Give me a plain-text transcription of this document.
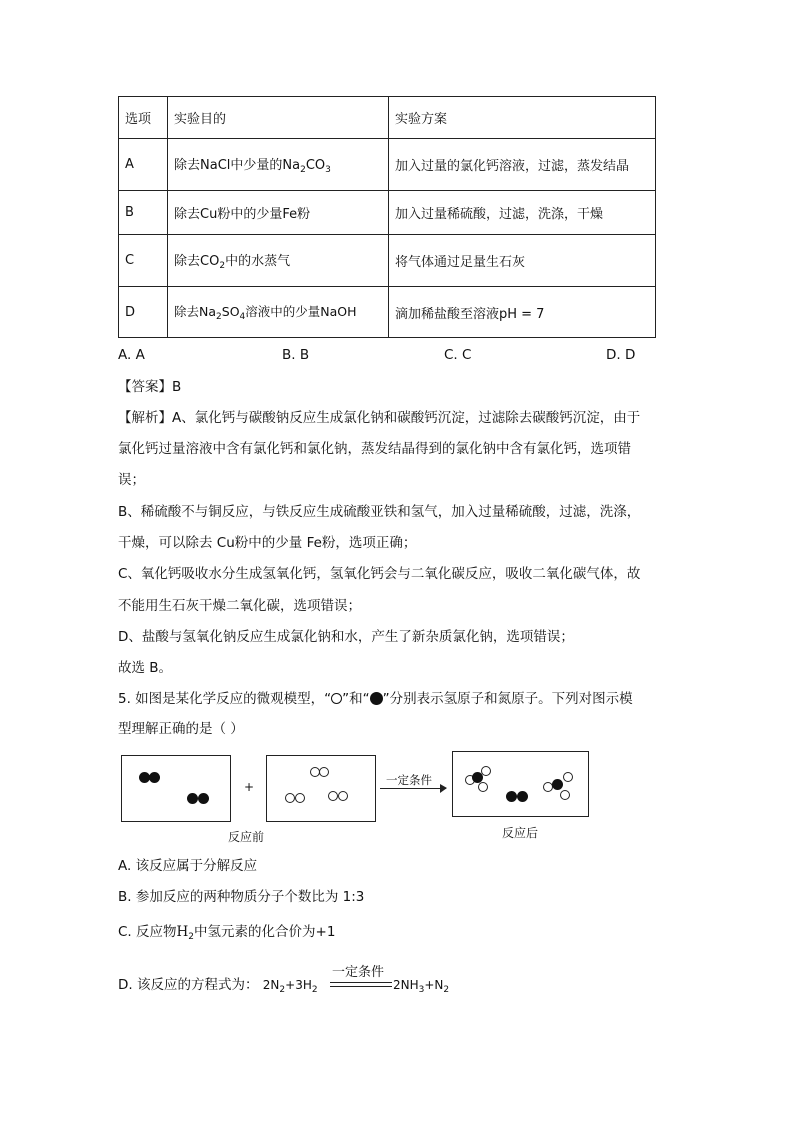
选项	实验目的	实验方案
A	除去NaCl中少量的$Na_2CO_3$	加入过量的氯化钙溶液，过滤，蒸发结晶
B	除去Cu粉中的少量Fe粉	加入过量稀硫酸，过滤，洗涤，干燥
C	除去$CO_2$中的水蒸气	将气体通过足量生石灰
D	除去$Na_2SO_4$溶液中的少量NaOH	滴加稀盐酸至溶液pH = 7
A. A	B. B	C. C	D. D
【答案】B
【解析】A、氯化钙与碳酸钠反应生成氯化钠和碳酸钙沉淀，过滤除去碳酸钙沉淀，由于
氯化钙过量溶液中含有氯化钙和氯化钠，蒸发结晶得到的氯化钠中含有氯化钙，选项错
误；
B、稀硫酸不与铜反应，与铁反应生成硫酸亚铁和氢气，加入过量稀硫酸，过滤，洗涤，
干燥，可以除去 Cu粉中的少量 Fe粉，选项正确；
C、氧化钙吸收水分生成氢氧化钙，氢氧化钙会与二氧化碳反应，吸收二氧化碳气体，故
不能用生石灰干燥二氧化碳，选项错误；
D、盐酸与氢氧化钠反应生成氯化钠和水，产生了新杂质氯化钠，选项错误；
故选 B。
5. 如图是某化学反应的微观模型，“ ”和“ ”分别表示氢原子和氮原子。下列对图示模
型理解正确的是（ ）
+	一定条件
反应前	反应后
A. 该反应属于分解反应
B. 参加反应的两种物质分子个数比为 1:3
C. 反应物$H_2$中氢元素的化合价为+1
D. 该反应的方程式为： $2N_2+3H_2$
一定条件
$2NH_3+N_2$
